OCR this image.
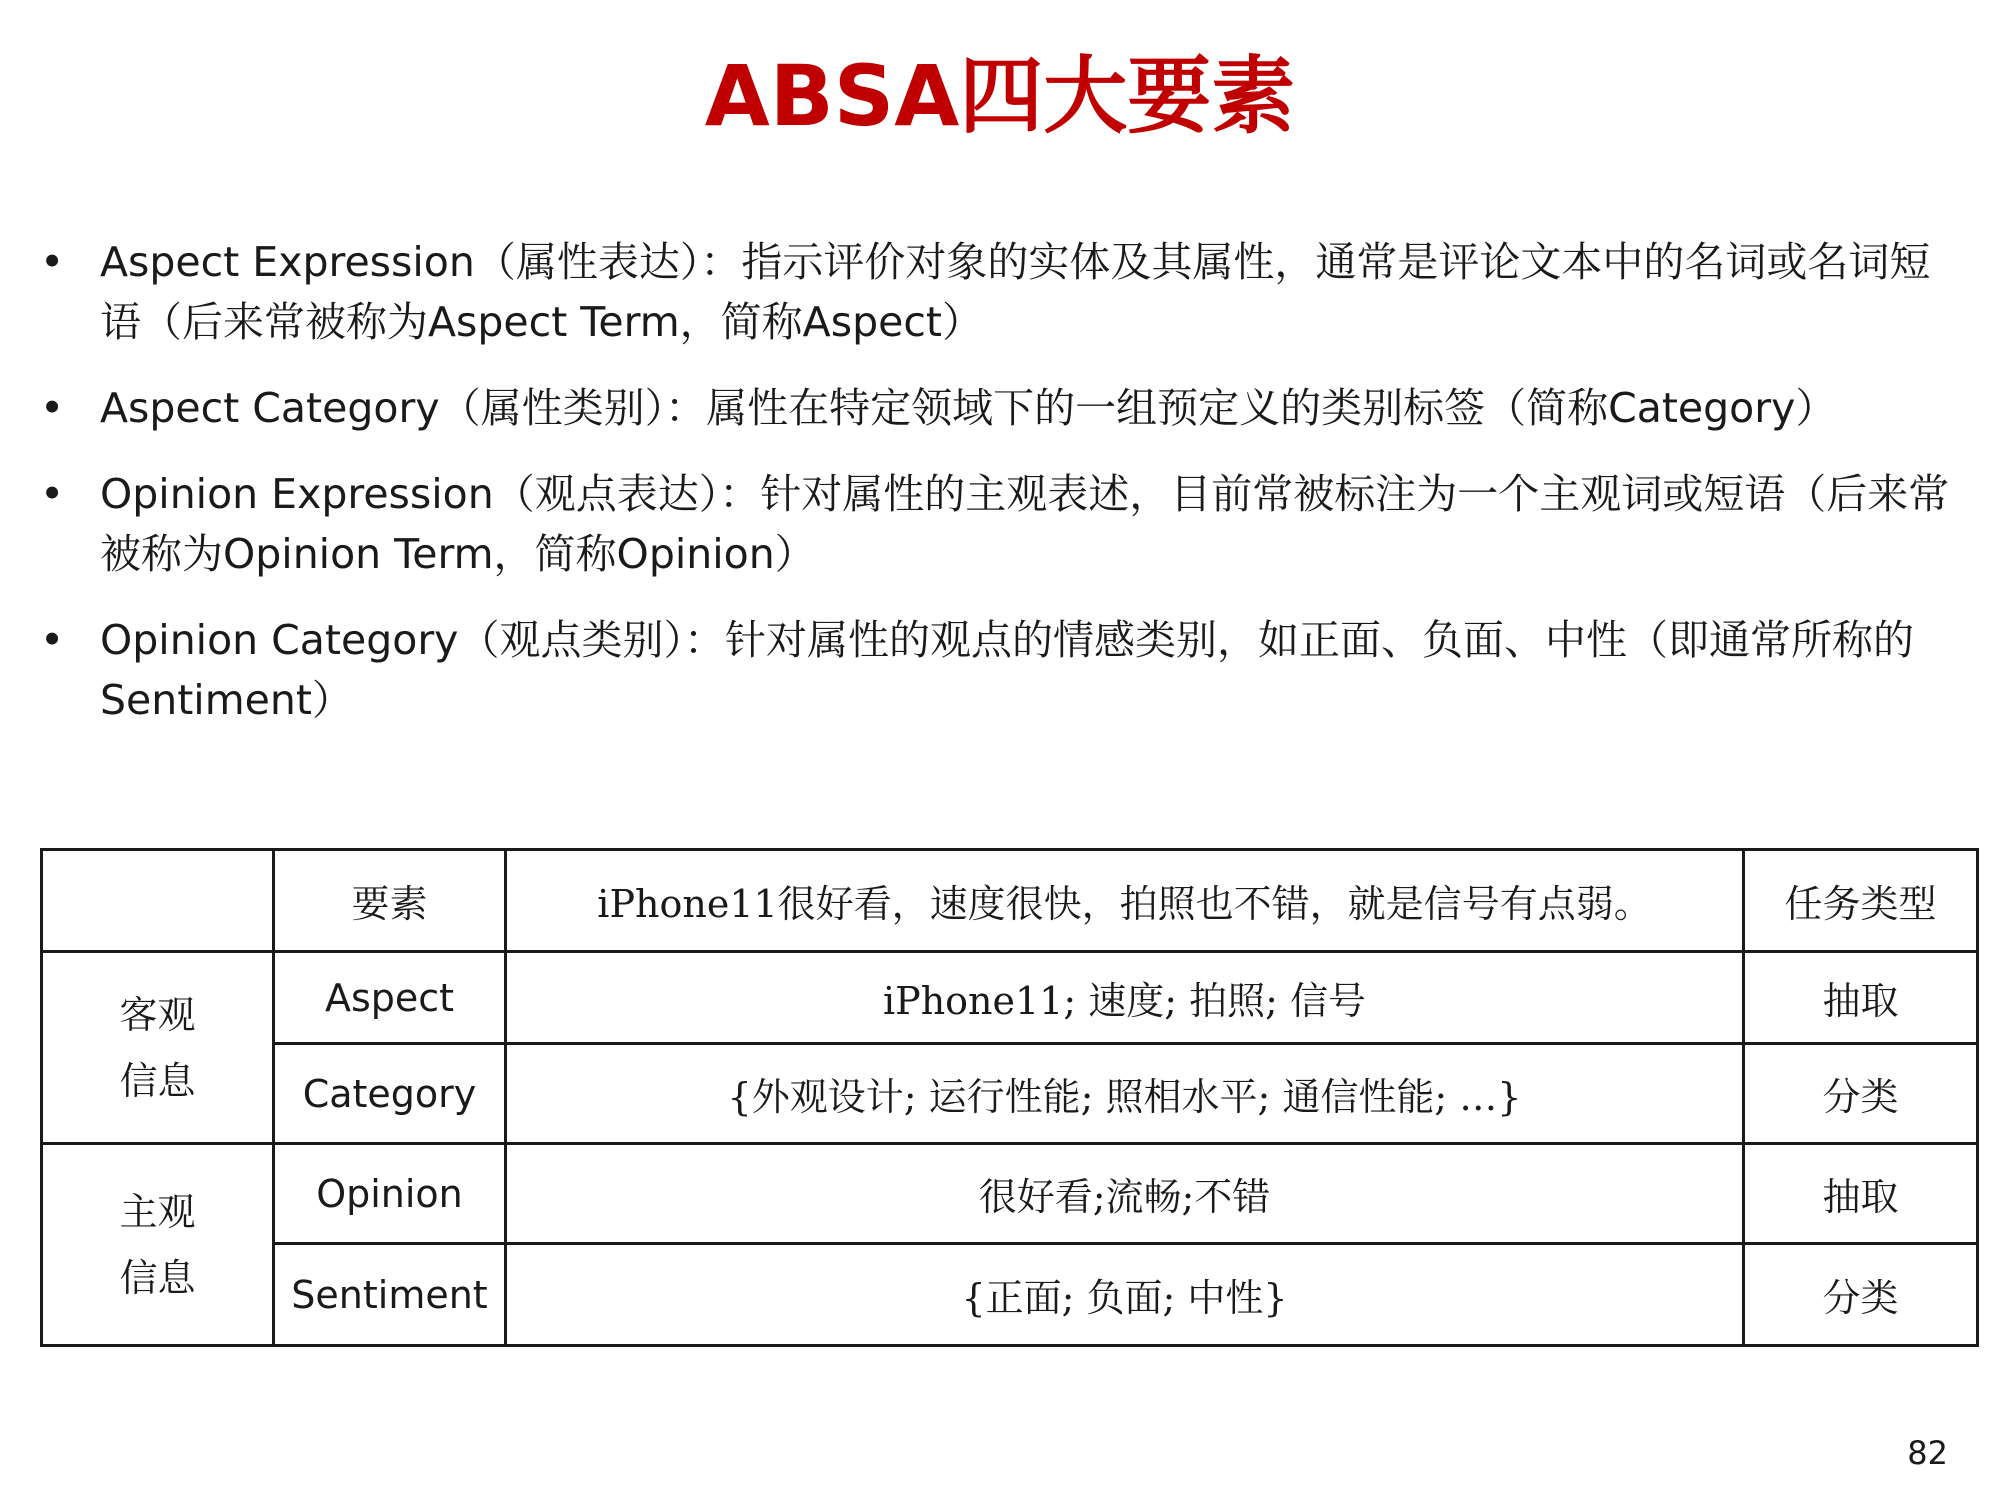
ABSA四大要素
• Aspect Expression（属性表达）：指示评价对象的实体及其属性，通常是评论文本中的名词或名词短语（后来常被称为Aspect Term，简称Aspect）
• Aspect Category（属性类别）：属性在特定领域下的一组预定义的类别标签（简称Category）
• Opinion Expression（观点表达）：针对属性的主观表述，目前常被标注为一个主观词或短语（后来常被称为Opinion Term，简称Opinion）
• Opinion Category（观点类别）：针对属性的观点的情感类别，如正面、负面、中性（即通常所称的Sentiment）
	要素	iPhone11很好看，速度很快，拍照也不错，就是信号有点弱。	任务类型
客观
信息	Aspect	iPhone11; 速度; 拍照; 信号	抽取
	Category	{外观设计; 运行性能; 照相水平; 通信性能; …}	分类
主观
信息	Opinion	很好看;流畅;不错	抽取
	Sentiment	{正面; 负面; 中性}	分类
82
